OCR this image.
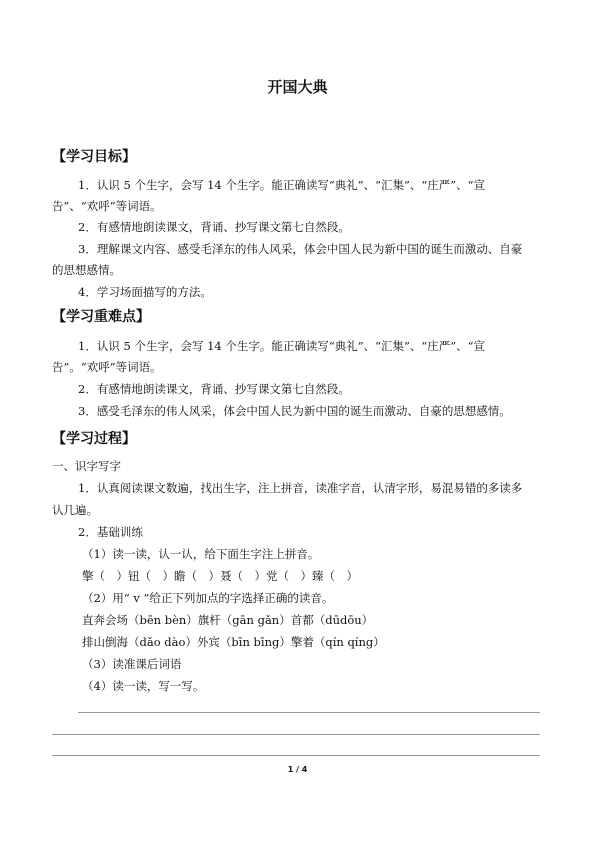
开国大典
【学习目标】
1．认识 5 个生字，会写 14 个生字。能正确读写“典礼”、“汇集”、“庄严”、“宣
告”、“欢呼”等词语。
2．有感情地朗读课文，背诵、抄写课文第七自然段。
3．理解课文内容、感受毛泽东的伟人风采，体会中国人民为新中国的诞生而激动、自豪
的思想感情。
4．学习场面描写的方法。
【学习重难点】
1．认识 5 个生字，会写 14 个生字。能正确读写“典礼”、“汇集”、“庄严”、“宣
告”。“欢呼”等词语。
2．有感情地朗读课文，背诵、抄写课文第七自然段。
3．感受毛泽东的伟人风采，体会中国人民为新中国的诞生而激动、自豪的思想感情。
【学习过程】
一、识字写字
1．认真阅读课文数遍，找出生字，注上拼音，读准字音，认清字形，易混易错的多读多
认几遍。
2．基础训练
（1）读一读，认一认，给下面生字注上拼音。
擎（　）钮（　）瞻（　）聂（　）党（　）臻（　）
（2）用“ v ”给正下列加点的字选择正确的读音。
直奔会场（bēn bèn）旗杆（gān gǎn）首都（dūdōu）
排山倒海（dǎo dào）外宾（bīn bīng）擎着（qín qíng）
（3）读准课后词语
（4）读一读，写一写。
1 / 4
